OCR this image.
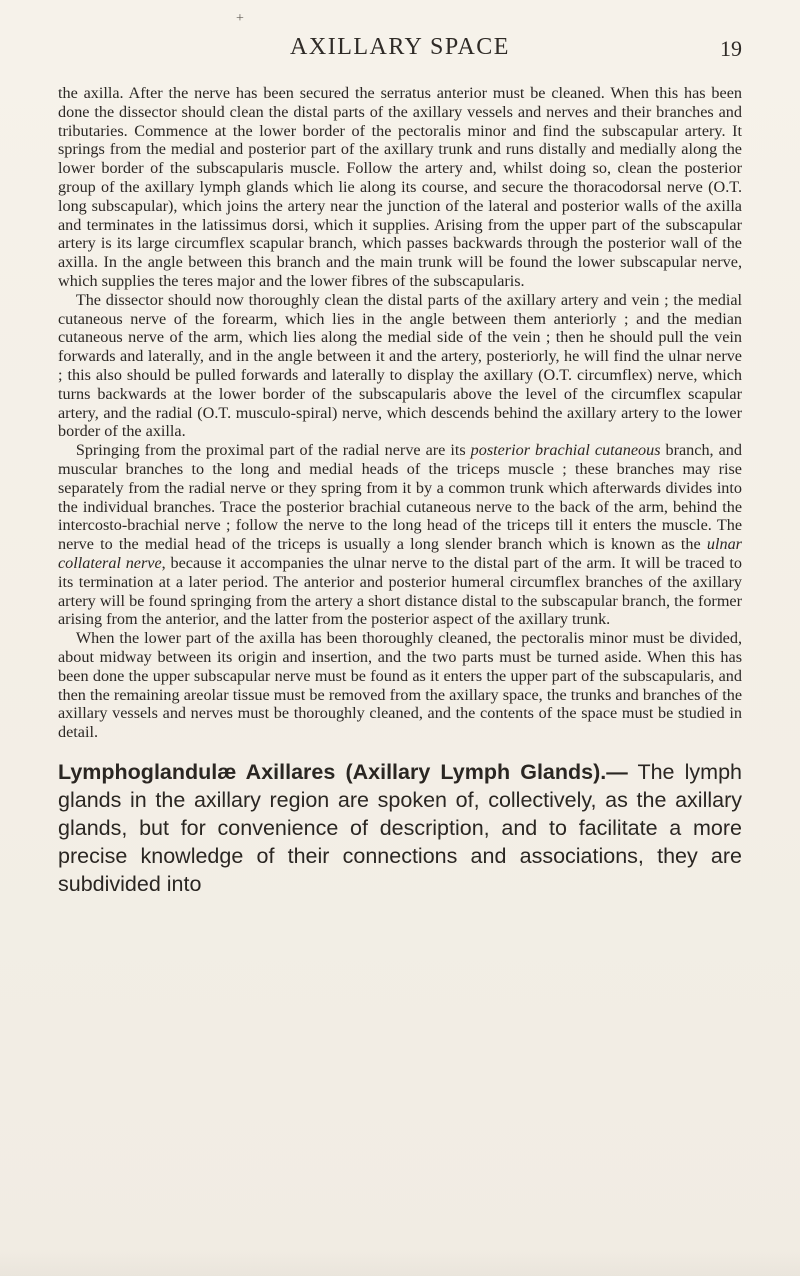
+
AXILLARY SPACE	19

the axilla. After the nerve has been secured the serratus anterior must be cleaned. When this has been done the dissector should clean the distal parts of the axillary vessels and nerves and their branches and tributaries. Commence at the lower border of the pectoralis minor and find the subscapular artery. It springs from the medial and posterior part of the axillary trunk and runs distally and medially along the lower border of the subscapularis muscle. Follow the artery and, whilst doing so, clean the posterior group of the axillary lymph glands which lie along its course, and secure the thoracodorsal nerve (O.T. long subscapular), which joins the artery near the junction of the lateral and posterior walls of the axilla and terminates in the latissimus dorsi, which it supplies. Arising from the upper part of the subscapular artery is its large circumflex scapular branch, which passes backwards through the posterior wall of the axilla. In the angle between this branch and the main trunk will be found the lower subscapular nerve, which supplies the teres major and the lower fibres of the subscapularis.

The dissector should now thoroughly clean the distal parts of the axillary artery and vein ; the medial cutaneous nerve of the forearm, which lies in the angle between them anteriorly ; and the median cutaneous nerve of the arm, which lies along the medial side of the vein ; then he should pull the vein forwards and laterally, and in the angle between it and the artery, posteriorly, he will find the ulnar nerve ; this also should be pulled forwards and laterally to display the axillary (O.T. circumflex) nerve, which turns backwards at the lower border of the subscapularis above the level of the circumflex scapular artery, and the radial (O.T. musculo-spiral) nerve, which descends behind the axillary artery to the lower border of the axilla.

Springing from the proximal part of the radial nerve are its posterior brachial cutaneous branch, and muscular branches to the long and medial heads of the triceps muscle ; these branches may rise separately from the radial nerve or they spring from it by a common trunk which afterwards divides into the individual branches. Trace the posterior brachial cutaneous nerve to the back of the arm, behind the intercosto-brachial nerve ; follow the nerve to the long head of the triceps till it enters the muscle. The nerve to the medial head of the triceps is usually a long slender branch which is known as the ulnar collateral nerve, because it accompanies the ulnar nerve to the distal part of the arm. It will be traced to its termination at a later period. The anterior and posterior humeral circumflex branches of the axillary artery will be found springing from the artery a short distance distal to the subscapular branch, the former arising from the anterior, and the latter from the posterior aspect of the axillary trunk.

When the lower part of the axilla has been thoroughly cleaned, the pectoralis minor must be divided, about midway between its origin and insertion, and the two parts must be turned aside. When this has been done the upper subscapular nerve must be found as it enters the upper part of the subscapularis, and then the remaining areolar tissue must be removed from the axillary space, the trunks and branches of the axillary vessels and nerves must be thoroughly cleaned, and the contents of the space must be studied in detail.

Lymphoglandulæ Axillares (Axillary Lymph Glands).— The lymph glands in the axillary region are spoken of, collectively, as the axillary glands, but for convenience of description, and to facilitate a more precise knowledge of their connections and associations, they are subdivided into
